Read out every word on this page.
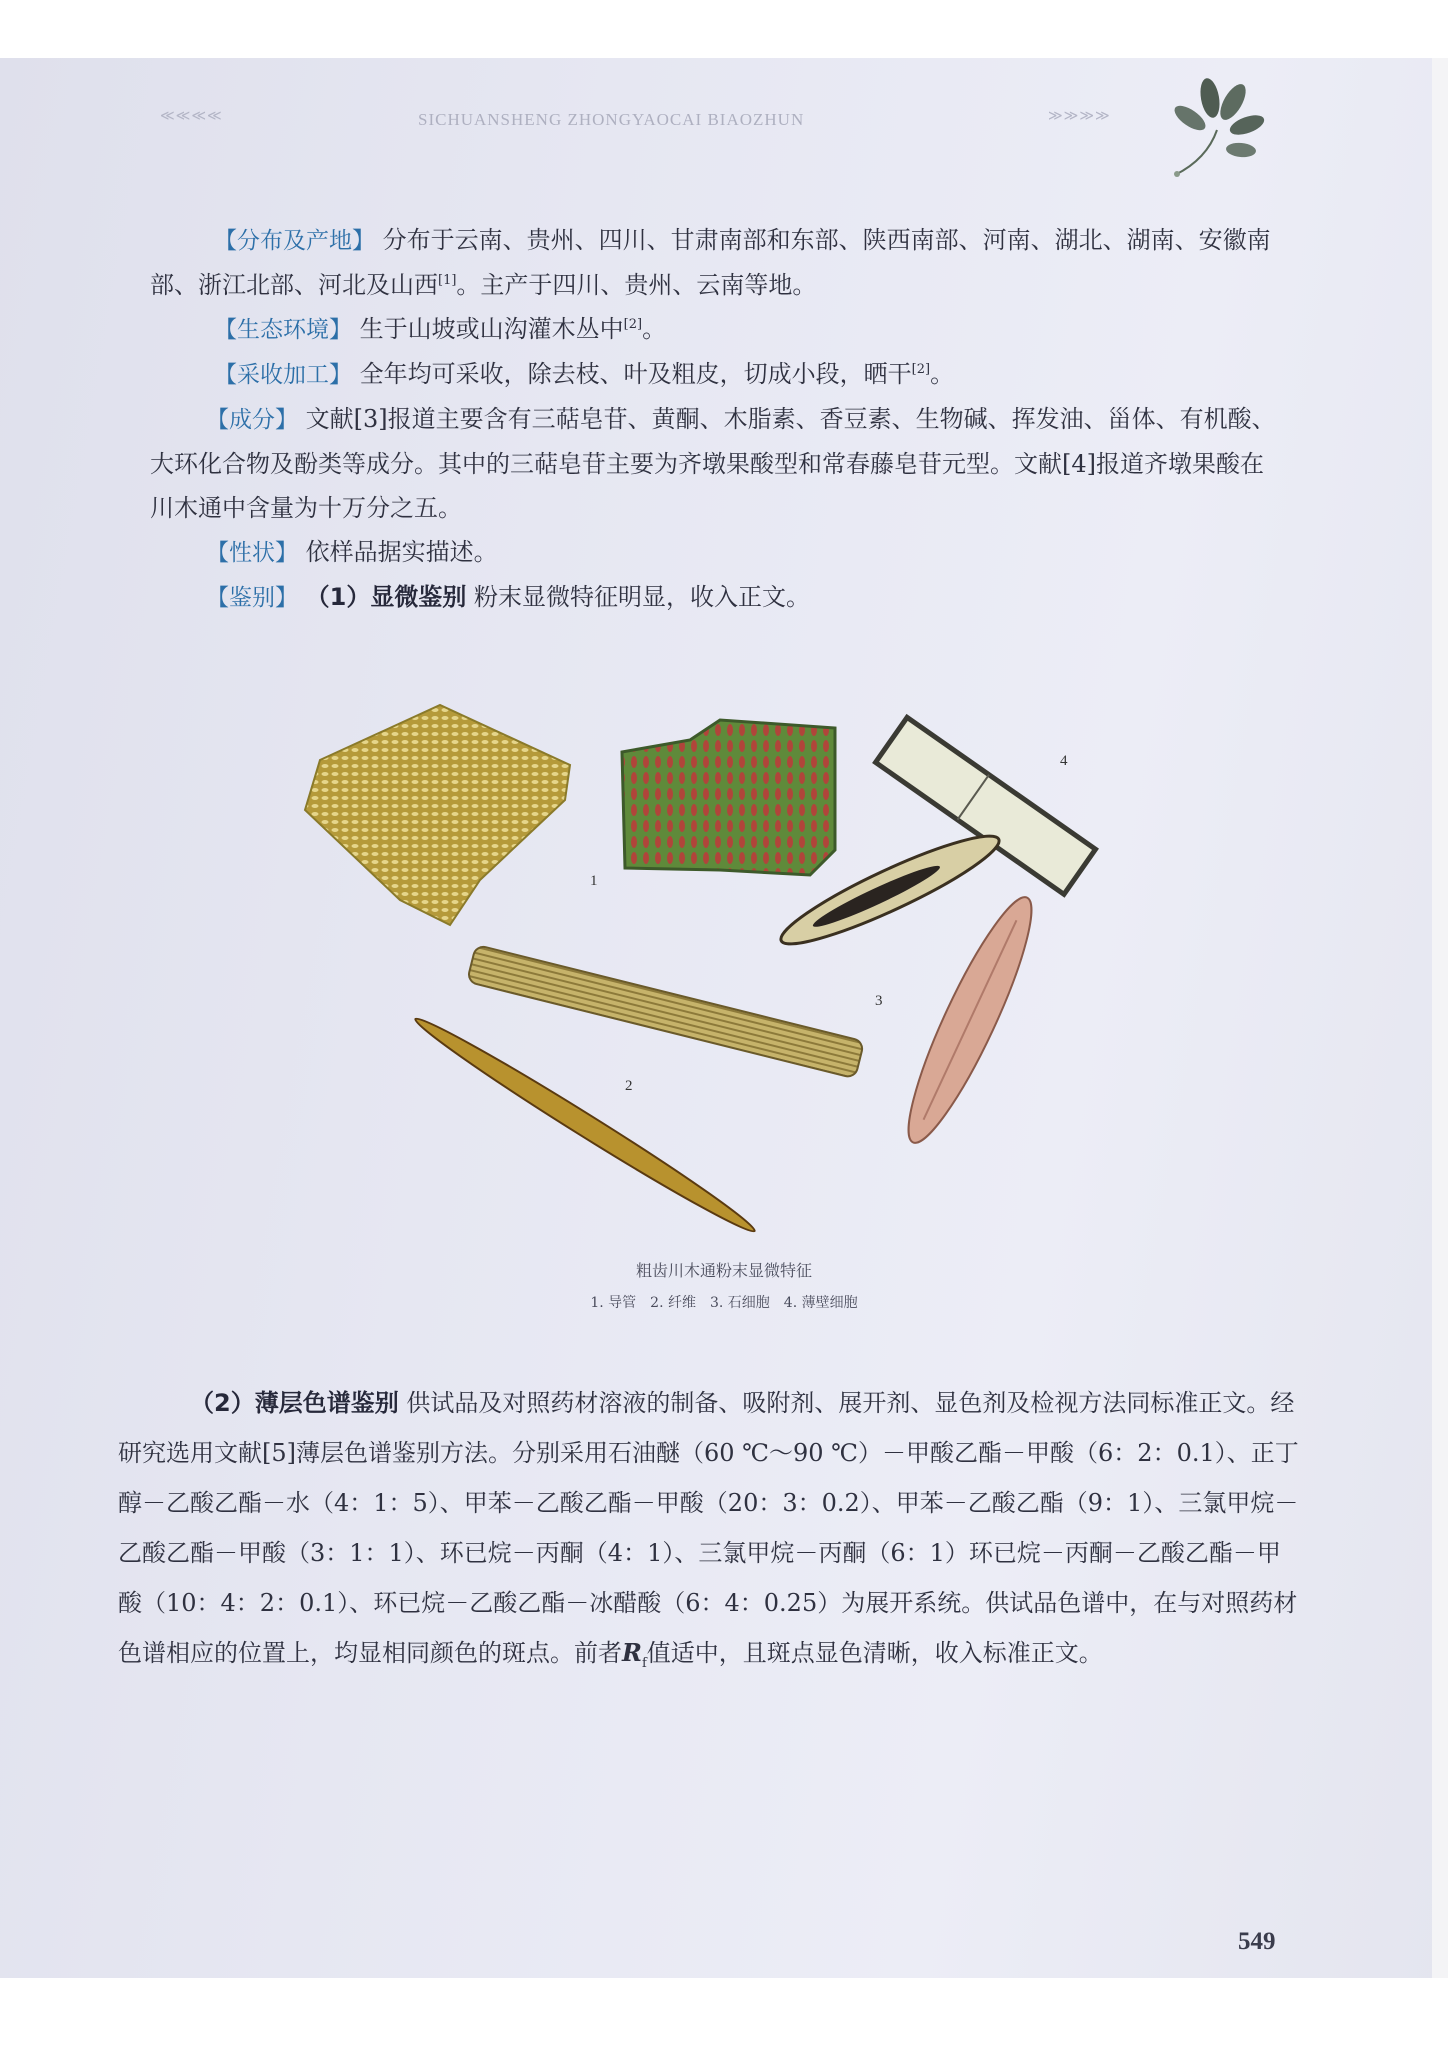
≪≪≪≪	SICHUANSHENG ZHONGYAOCAI BIAOZHUN	≫≫≫≫
【分布及产地】 分布于云南、贵州、四川、甘肃南部和东部、陕西南部、河南、湖北、湖南、安徽南部、浙江北部、河北及山西[1]。主产于四川、贵州、云南等地。
【生态环境】 生于山坡或山沟灌木丛中[2]。
【采收加工】 全年均可采收，除去枝、叶及粗皮，切成小段，晒干[2]。
【成分】 文献[3]报道主要含有三萜皂苷、黄酮、木脂素、香豆素、生物碱、挥发油、甾体、有机酸、大环化合物及酚类等成分。其中的三萜皂苷主要为齐墩果酸型和常春藤皂苷元型。文献[4]报道齐墩果酸在川木通中含量为十万分之五。
【性状】 依样品据实描述。
【鉴别】 （1）显微鉴别 粉末显微特征明显，收入正文。
1
2
3
4
粗齿川木通粉末显微特征
1. 导管　2. 纤维　3. 石细胞　4. 薄壁细胞
（2）薄层色谱鉴别 供试品及对照药材溶液的制备、吸附剂、展开剂、显色剂及检视方法同标准正文。经研究选用文献[5]薄层色谱鉴别方法。分别采用石油醚（60 ℃～90 ℃）－甲酸乙酯－甲酸（6：2：0.1）、正丁醇－乙酸乙酯－水（4：1：5）、甲苯－乙酸乙酯－甲酸（20：3：0.2）、甲苯－乙酸乙酯（9：1）、三氯甲烷－乙酸乙酯－甲酸（3：1：1）、环已烷－丙酮（4：1）、三氯甲烷－丙酮（6：1）环已烷－丙酮－乙酸乙酯－甲酸（10：4：2：0.1）、环已烷－乙酸乙酯－冰醋酸（6：4：0.25）为展开系统。供试品色谱中，在与对照药材色谱相应的位置上，均显相同颜色的斑点。前者$R_f$值适中，且斑点显色清晰，收入标准正文。
549
